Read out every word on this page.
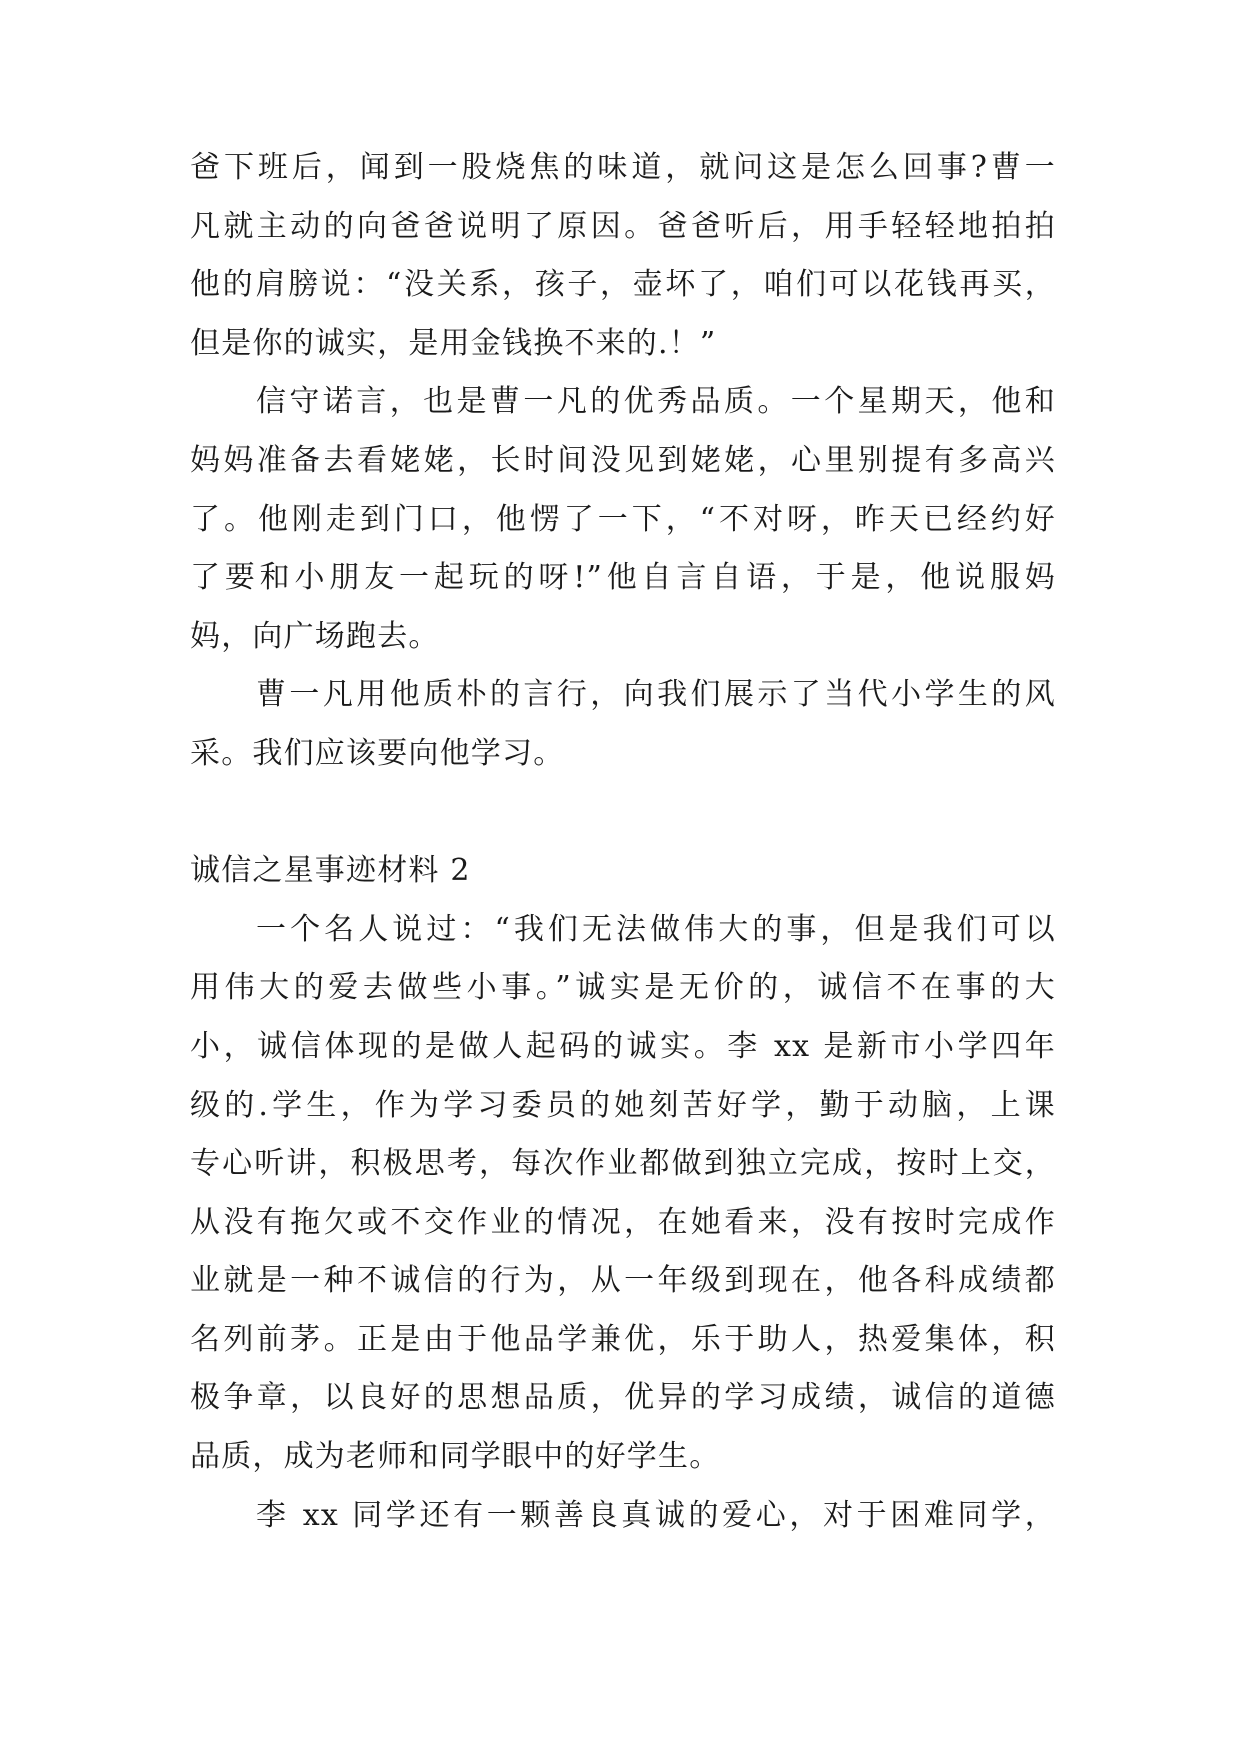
爸下班后，闻到一股烧焦的味道，就问这是怎么回事?曹一
凡就主动的向爸爸说明了原因。爸爸听后，用手轻轻地拍拍
他的肩膀说：“没关系，孩子，壶坏了，咱们可以花钱再买，
但是你的诚实，是用金钱换不来的.！”
信守诺言，也是曹一凡的优秀品质。一个星期天，他和
妈妈准备去看姥姥，长时间没见到姥姥，心里别提有多高兴
了。他刚走到门口，他愣了一下，“不对呀，昨天已经约好
了要和小朋友一起玩的呀!”他自言自语，于是，他说服妈
妈，向广场跑去。
曹一凡用他质朴的言行，向我们展示了当代小学生的风
采。我们应该要向他学习。
诚信之星事迹材料 2
一个名人说过：“我们无法做伟大的事，但是我们可以
用伟大的爱去做些小事。”诚实是无价的，诚信不在事的大
小，诚信体现的是做人起码的诚实。李 xx 是新市小学四年
级的.学生，作为学习委员的她刻苦好学，勤于动脑，上课
专心听讲，积极思考，每次作业都做到独立完成，按时上交，
从没有拖欠或不交作业的情况，在她看来，没有按时完成作
业就是一种不诚信的行为，从一年级到现在，他各科成绩都
名列前茅。正是由于他品学兼优，乐于助人，热爱集体，积
极争章，以良好的思想品质，优异的学习成绩，诚信的道德
品质，成为老师和同学眼中的好学生。
李 xx 同学还有一颗善良真诚的爱心，对于困难同学，
